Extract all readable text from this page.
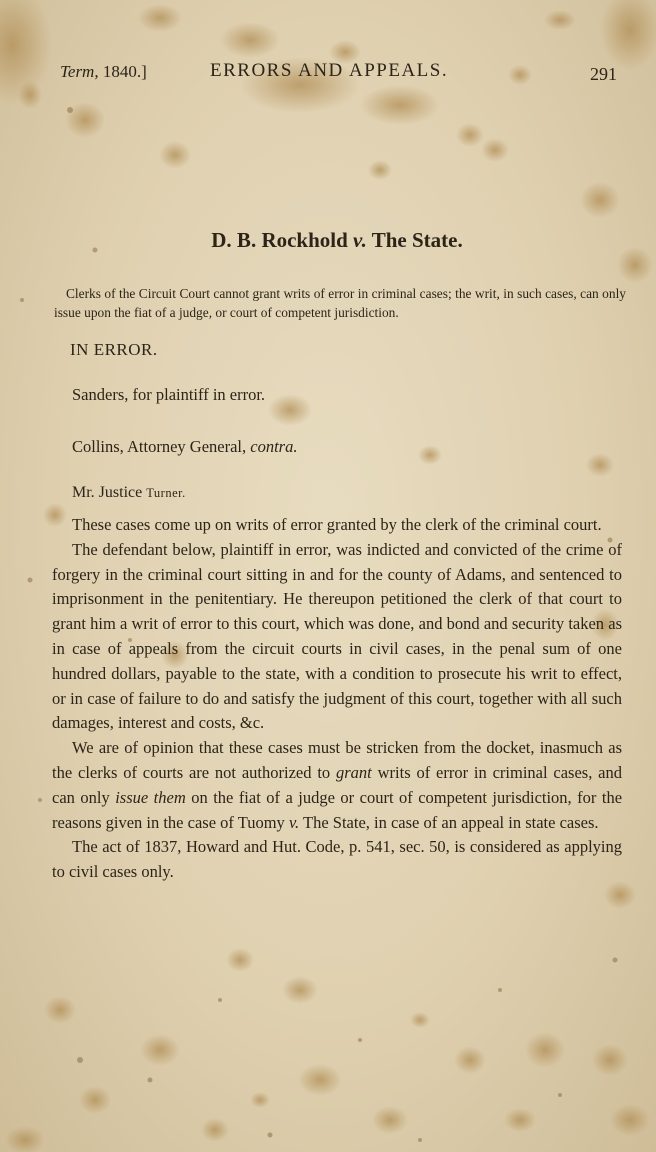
Term, 1840.]	ERRORS AND APPEALS.	291
D. B. Rockhold v. The State.
Clerks of the Circuit Court cannot grant writs of error in criminal cases; the writ, in such cases, can only issue upon the fiat of a judge, or court of competent jurisdiction.
IN ERROR.
Sanders, for plaintiff in error.
Collins, Attorney General, contra.
Mr. Justice Turner.

These cases come up on writs of error granted by the clerk of the criminal court.

The defendant below, plaintiff in error, was indicted and convicted of the crime of forgery in the criminal court sitting in and for the county of Adams, and sentenced to imprisonment in the penitentiary. He thereupon petitioned the clerk of that court to grant him a writ of error to this court, which was done, and bond and security taken as in case of appeals from the circuit courts in civil cases, in the penal sum of one hundred dollars, payable to the state, with a condition to prosecute his writ to effect, or in case of failure to do and satisfy the judgment of this court, together with all such damages, interest and costs, &c.

We are of opinion that these cases must be stricken from the docket, inasmuch as the clerks of courts are not authorized to grant writs of error in criminal cases, and can only issue them on the fiat of a judge or court of competent jurisdiction, for the reasons given in the case of Tuomy v. The State, in case of an appeal in state cases.

The act of 1837, Howard and Hut. Code, p. 541, sec. 50, is considered as applying to civil cases only.
